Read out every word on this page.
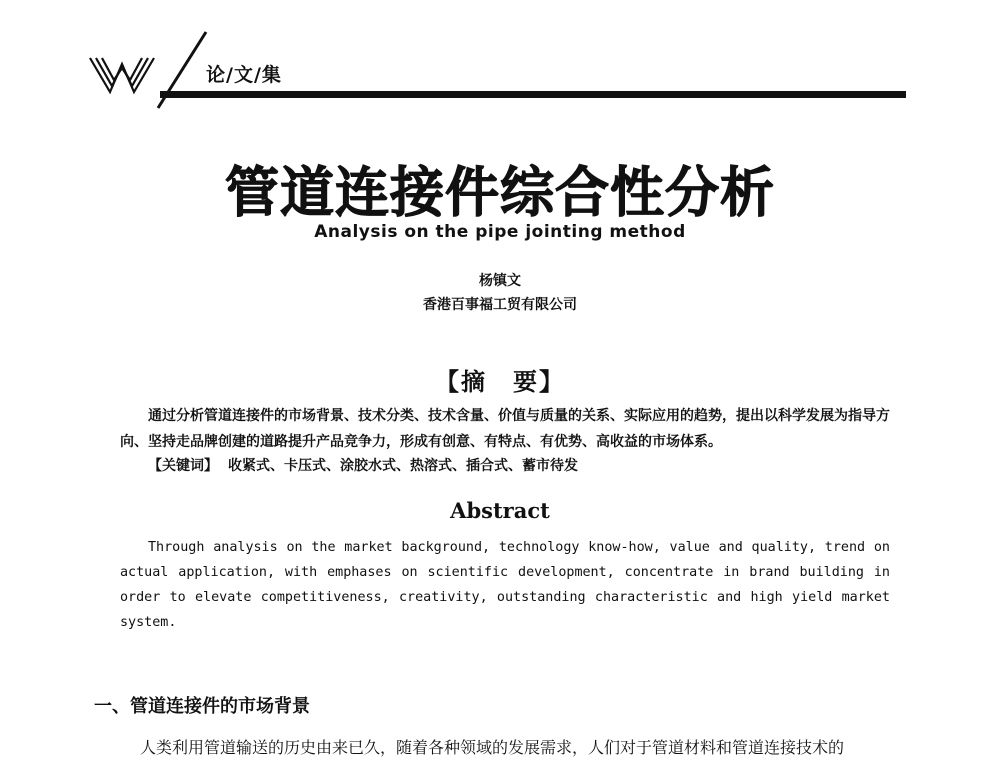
论/文/集
管道连接件综合性分析
Analysis on the pipe jointing method
杨镇文
香港百事福工贸有限公司
【摘　要】
通过分析管道连接件的市场背景、技术分类、技术含量、价值与质量的关系、实际应用的趋势，提出以科学发展为指导方向、坚持走品牌创建的道路提升产品竞争力，形成有创意、有特点、有优势、高收益的市场体系。
【关键词】 收紧式、卡压式、涂胶水式、热溶式、插合式、蓄市待发
Abstract
Through analysis on the market background, technology know-how, value and quality, trend on actual application, with emphases on scientific development, concentrate in brand building in order to elevate competitiveness, creativity, outstanding characteristic and high yield market system.
一、管道连接件的市场背景
人类利用管道输送的历史由来已久，随着各种领域的发展需求，人们对于管道材料和管道连接技术的
